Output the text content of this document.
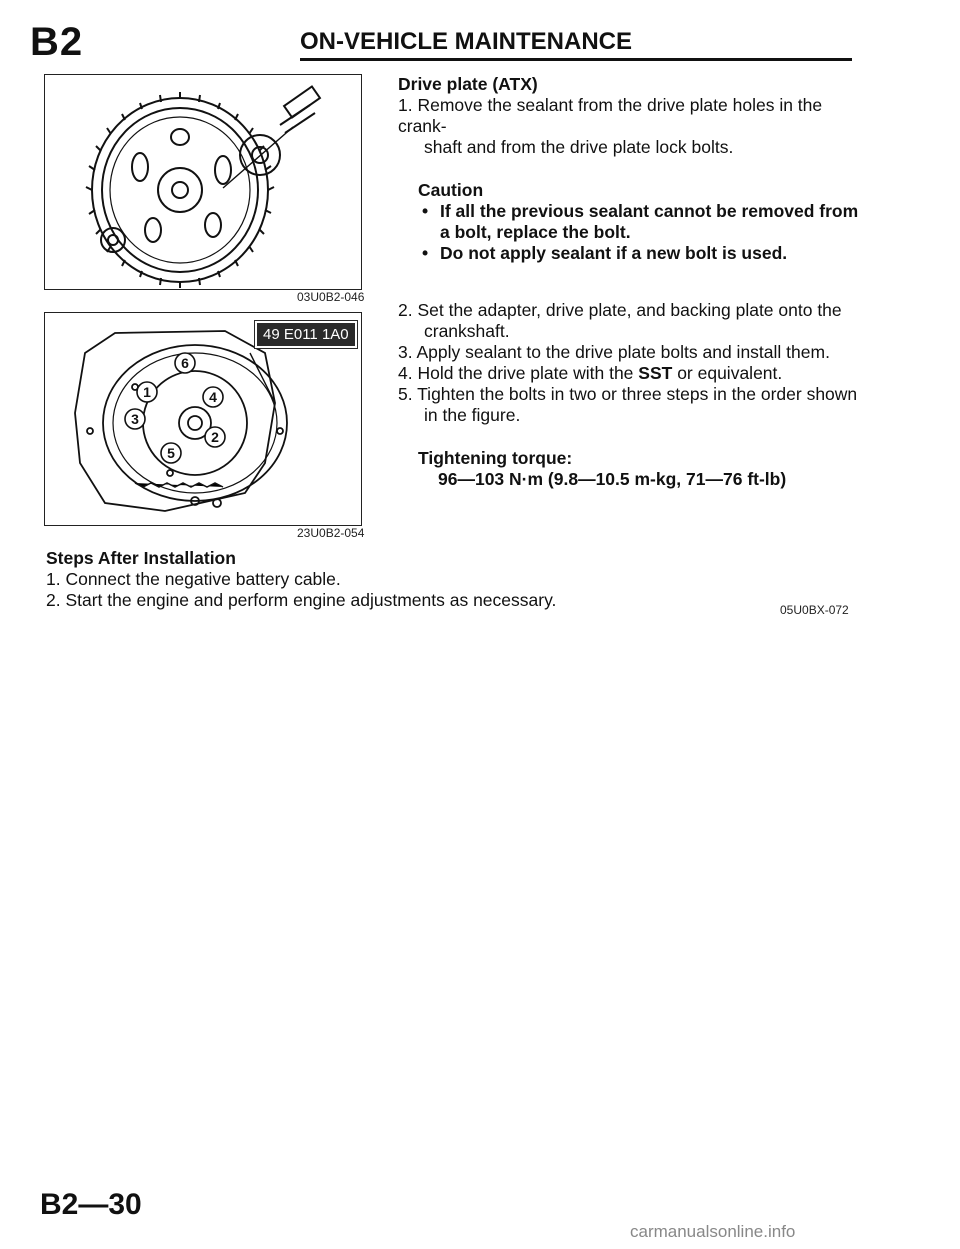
B2	ON-VEHICLE MAINTENANCE
03U0B2-046
1
6
4
3
2
5
49 E011 1A0
23U0B2-054
Drive plate (ATX)
1. Remove the sealant from the drive plate holes in the crank-
shaft and from the drive plate lock bolts.
Caution
• If all the previous sealant cannot be removed from
a bolt, replace the bolt.
• Do not apply sealant if a new bolt is used.
2. Set the adapter, drive plate, and backing plate onto the
crankshaft.
3. Apply sealant to the drive plate bolts and install them.
4. Hold the drive plate with the SST or equivalent.
5. Tighten the bolts in two or three steps in the order shown
in the figure.
Tightening torque:
96—103 N·m (9.8—10.5 m-kg, 71—76 ft-lb)
Steps After Installation
1. Connect the negative battery cable.
2. Start the engine and perform engine adjustments as necessary.	05U0BX-072
B2—30
carmanualsonline.info
